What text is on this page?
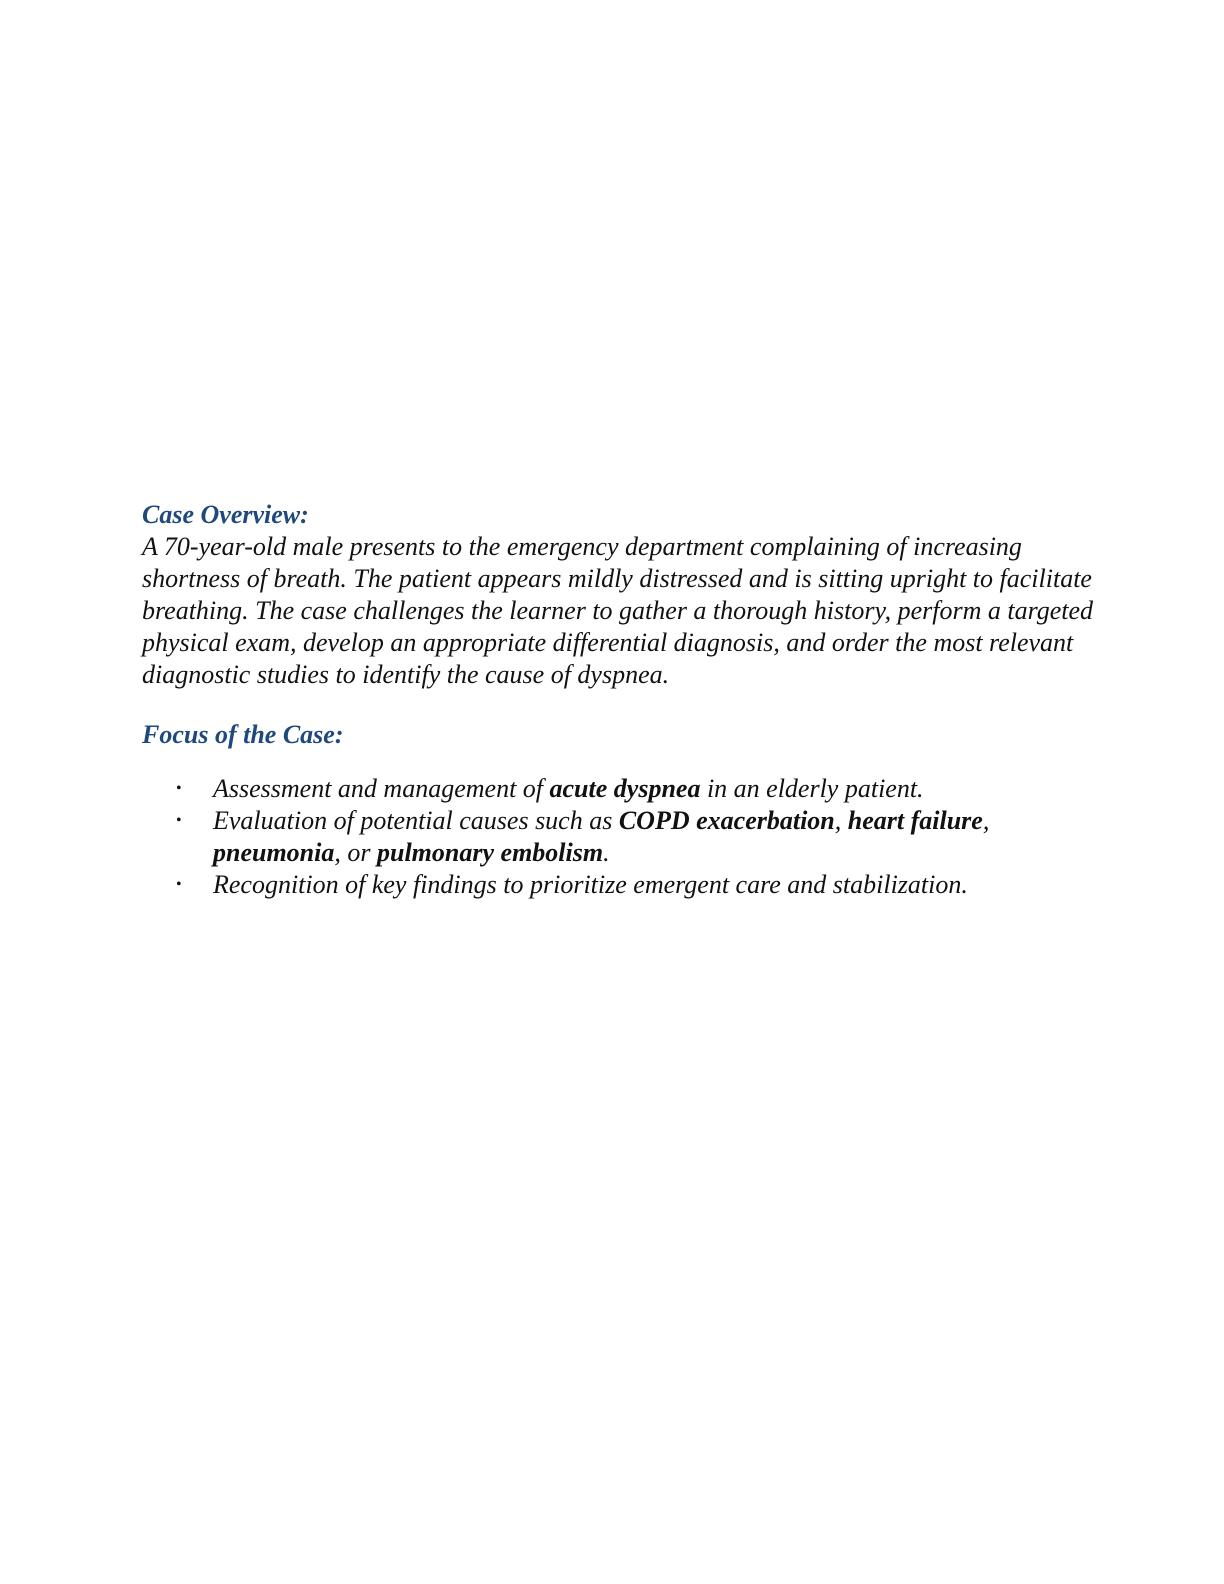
Case Overview:

A 70-year-old male presents to the emergency department complaining of increasing shortness of breath. The patient appears mildly distressed and is sitting upright to facilitate breathing. The case challenges the learner to gather a thorough history, perform a targeted physical exam, develop an appropriate differential diagnosis, and order the most relevant diagnostic studies to identify the cause of dyspnea.

Focus of the Case:

• Assessment and management of acute dyspnea in an elderly patient.
• Evaluation of potential causes such as COPD exacerbation, heart failure, pneumonia, or pulmonary embolism.
• Recognition of key findings to prioritize emergent care and stabilization.
